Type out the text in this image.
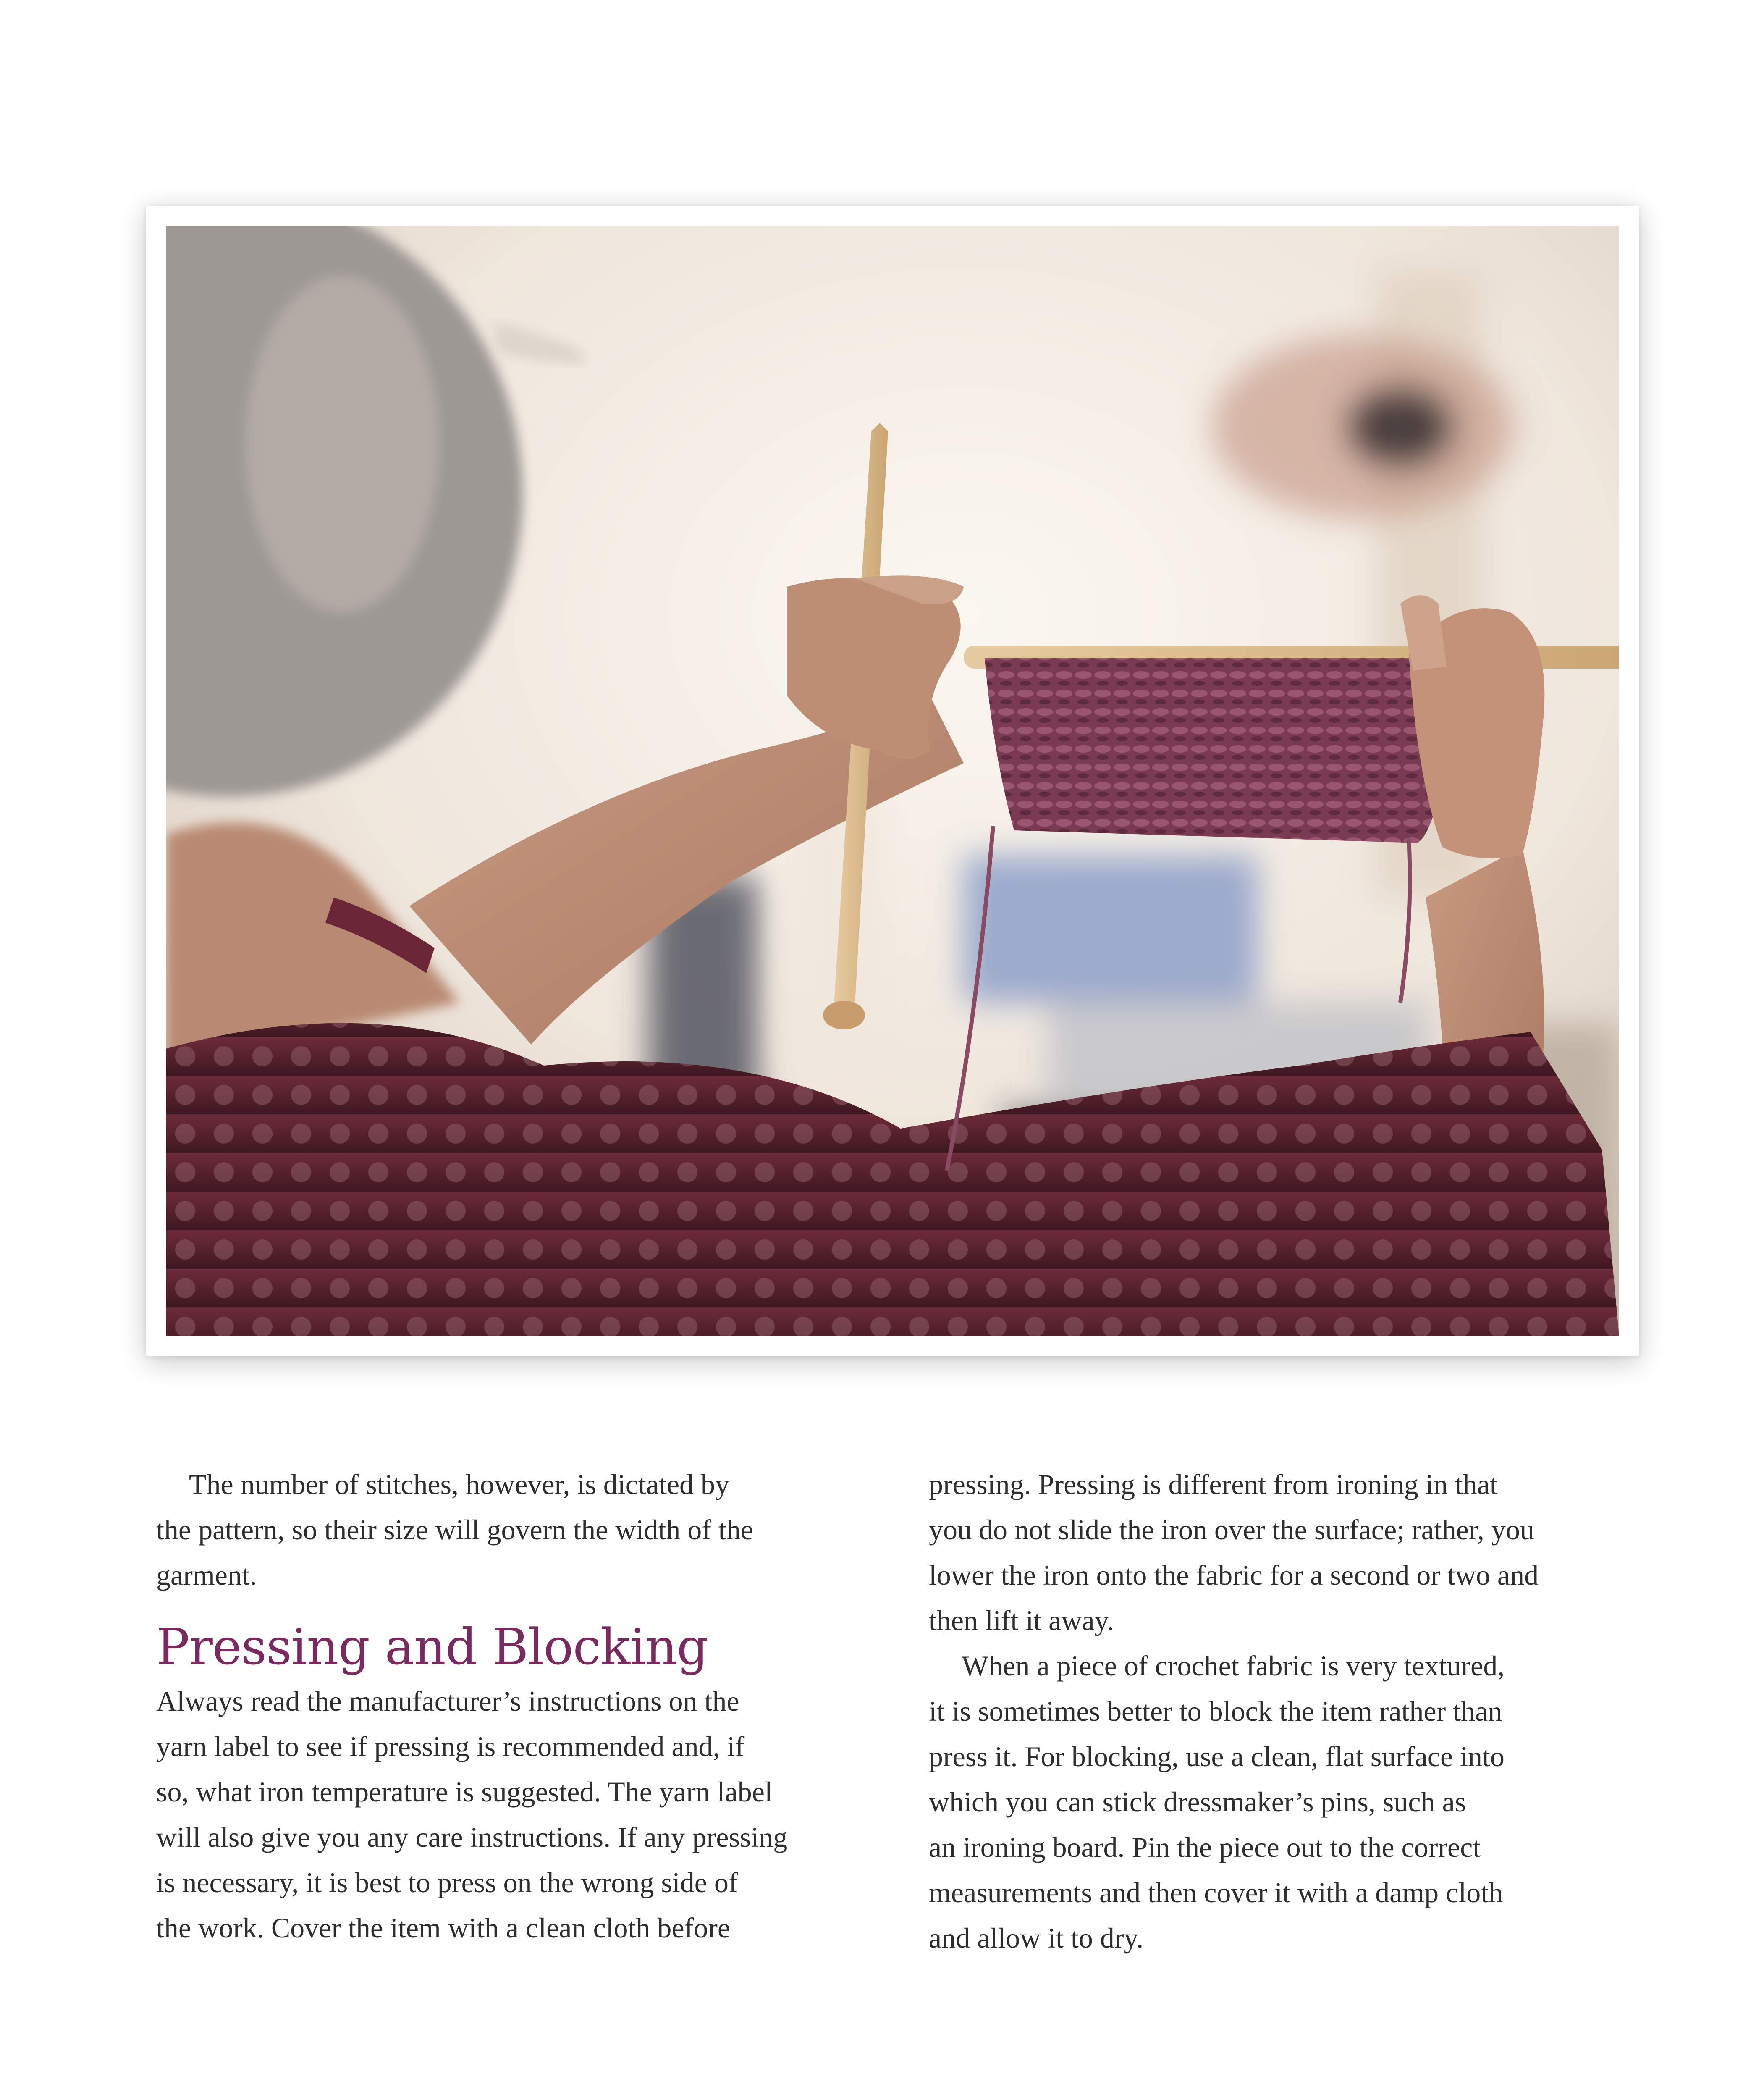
The number of stitches, however, is dictated by
the pattern, so their size will govern the width of the
garment.

Pressing and Blocking

Always read the manufacturer’s instructions on the
yarn label to see if pressing is recommended and, if
so, what iron temperature is suggested. The yarn label
will also give you any care instructions. If any pressing
is necessary, it is best to press on the wrong side of
the work. Cover the item with a clean cloth before

pressing. Pressing is different from ironing in that
you do not slide the iron over the surface; rather, you
lower the iron onto the fabric for a second or two and
then lift it away.

When a piece of crochet fabric is very textured,
it is sometimes better to block the item rather than
press it. For blocking, use a clean, flat surface into
which you can stick dressmaker’s pins, such as
an ironing board. Pin the piece out to the correct
measurements and then cover it with a damp cloth
and allow it to dry.
